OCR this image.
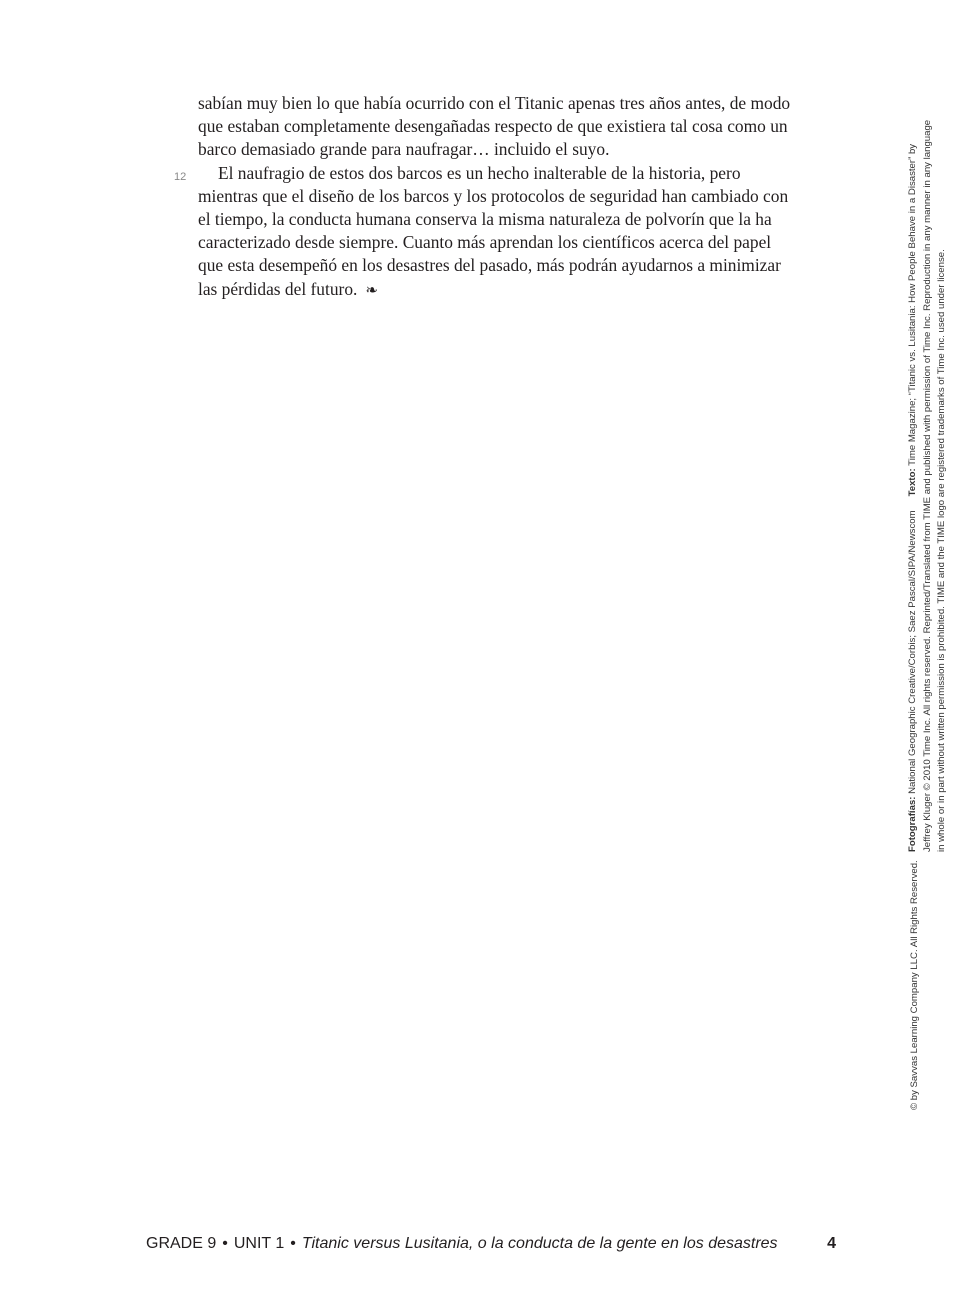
sabían muy bien lo que había ocurrido con el Titanic apenas tres años antes, de modo que estaban completamente desengañadas respecto de que existiera tal cosa como un barco demasiado grande para naufragar… incluido el suyo.

12 El naufragio de estos dos barcos es un hecho inalterable de la historia, pero mientras que el diseño de los barcos y los protocolos de seguridad han cambiado con el tiempo, la conducta humana conserva la misma naturaleza de polvorín que la ha caracterizado desde siempre. Cuanto más aprendan los científicos acerca del papel que esta desempeñó en los desastres del pasado, más podrán ayudarnos a minimizar las pérdidas del futuro. ❧

Fotografías: National Geographic Creative/Corbis; Saez Pascal/SIPA/NewscomTexto: Time Magazine; “Titanic vs. Lusitania: How People Behave in a Disaster” by Jeffrey Kluger © 2010 Time Inc. All rights reserved. Reprinted/Translated from TIME and published with permission of Time Inc. Reproduction in any manner in any language in whole or in part without written permission is prohibited. TIME and the TIME logo are registered trademarks of Time Inc. used under license.
© by Savvas Learning Company LLC. All Rights Reserved.
GRADE 9 • UNIT 1 • Titanic versus Lusitania, o la conducta de la gente en los desastres	4
